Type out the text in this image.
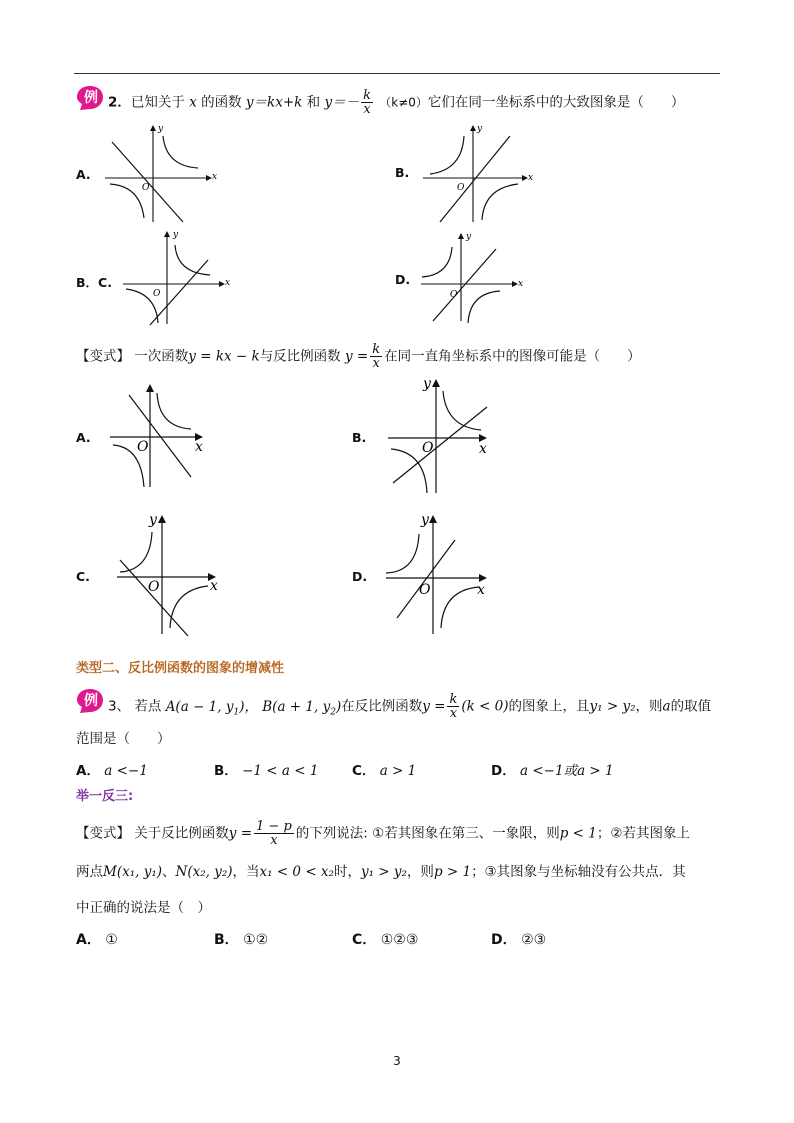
例 2．已知关于 x 的函数 y＝kx+k 和 $y=- \frac{k}{x} (k\ne 0)$它们在同一坐标系中的大致图象是（　　）
A.	B.
B．C.	D.
x
y
O
x
y
O
x
y
O
x
y
O
【变式】 一次函数y = kx − k与反比例函数 $y = \frac{k}{x}$ 在同一直角坐标系中的图像可能是（　　）
A.	B.
C.	D.
x
O	x
y
O
x
y
O	x
y
O
类型二、反比例函数的图象的增减性
例 3、 若点 A(a − 1, $y_1$)， B(a + 1, $y_2$)在反比例函数$y = \frac{k}{x} (k < 0)$的图象上，且y₁ > y₂，则a的取值
范围是（　　）
A． a <−1	B． −1 < a < 1 C． a > 1	D． a <−1或a > 1
举一反三:
【变式】 关于反比例函数$y = \frac{1 - p}{x}$ 的下列说法: ①若其图象在第三、一象限，则p < 1；②若其图象上
两点M(x₁, y₁)、N(x₂, y₂)，当x₁ < 0 < x₂时，y₁ > y₂，则p > 1；③其图象与坐标轴没有公共点．其
中正确的说法是（　）
A． ①	B． ①②	C． ①②③	D． ②③
3
